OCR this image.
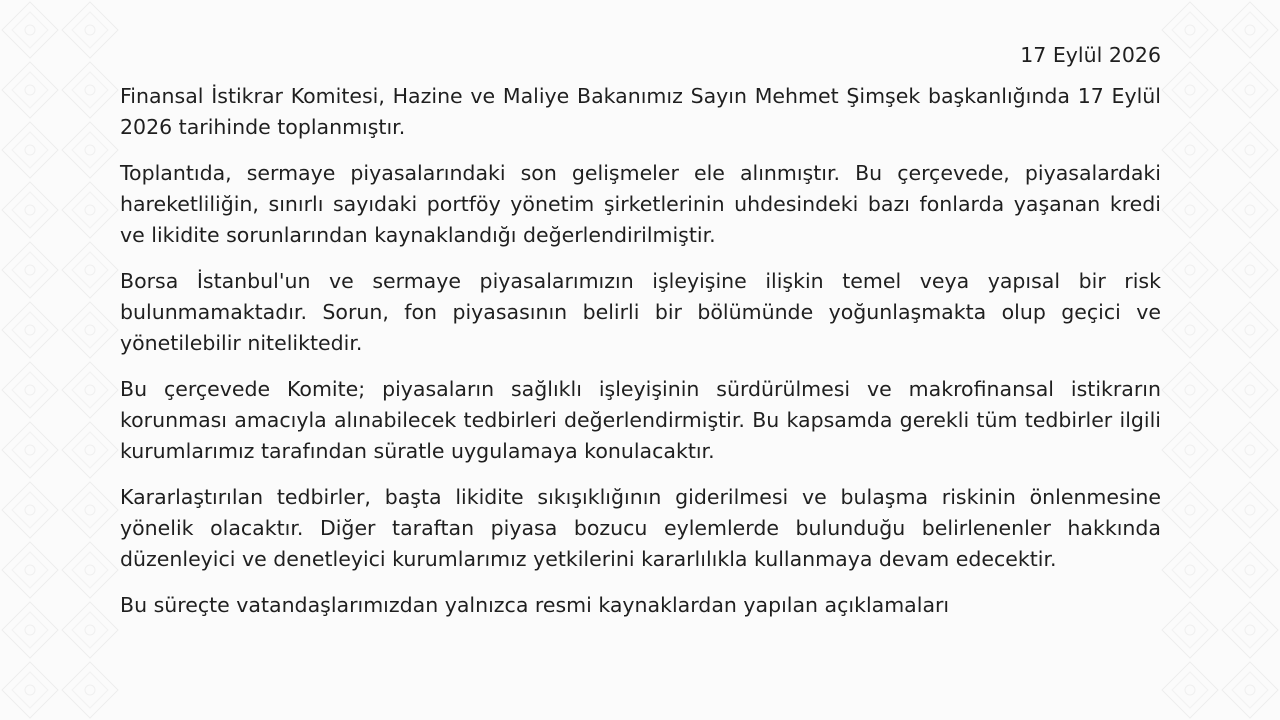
17 Eylül 2026

Finansal İstikrar Komitesi, Hazine ve Maliye Bakanımız Sayın Mehmet Şimşek başkanlığında 17 Eylül 2026 tarihinde toplanmıştır.

Toplantıda, sermaye piyasalarındaki son gelişmeler ele alınmıştır. Bu çerçevede, piyasalardaki hareketliliğin, sınırlı sayıdaki portföy yönetim şirketlerinin uhdesindeki bazı fonlarda yaşanan kredi ve likidite sorunlarından kaynaklandığı değerlendirilmiştir.

Borsa İstanbul'un ve sermaye piyasalarımızın işleyişine ilişkin temel veya yapısal bir risk bulunmamaktadır. Sorun, fon piyasasının belirli bir bölümünde yoğunlaşmakta olup geçici ve yönetilebilir niteliktedir.

Bu çerçevede Komite; piyasaların sağlıklı işleyişinin sürdürülmesi ve makrofinansal istikrarın korunması amacıyla alınabilecek tedbirleri değerlendirmiştir. Bu kapsamda gerekli tüm tedbirler ilgili kurumlarımız tarafından süratle uygulamaya konulacaktır.

Kararlaştırılan tedbirler, başta likidite sıkışıklığının giderilmesi ve bulaşma riskinin önlenmesine yönelik olacaktır. Diğer taraftan piyasa bozucu eylemlerde bulunduğu belirlenenler hakkında düzenleyici ve denetleyici kurumlarımız yetkilerini kararlılıkla kullanmaya devam edecektir.

Bu süreçte vatandaşlarımızdan yalnızca resmi kaynaklardan yapılan açıklamaları
